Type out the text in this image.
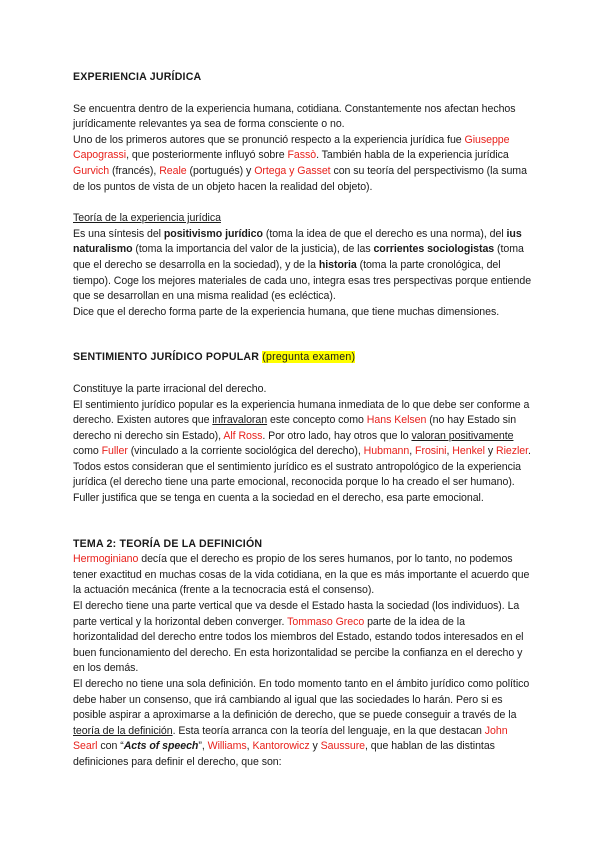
EXPERIENCIA JURÍDICA

Se encuentra dentro de la experiencia humana, cotidiana. Constantemente nos afectan hechos jurídicamente relevantes ya sea de forma consciente o no.

Uno de los primeros autores que se pronunció respecto a la experiencia jurídica fue Giuseppe Capograssi, que posteriormente influyó sobre Fassò. También habla de la experiencia jurídica Gurvich (francés), Reale (portugués) y Ortega y Gasset con su teoría del perspectivismo (la suma de los puntos de vista de un objeto hacen la realidad del objeto).

Teoría de la experiencia jurídica

Es una síntesis del positivismo jurídico (toma la idea de que el derecho es una norma), del ius naturalismo (toma la importancia del valor de la justicia), de las corrientes sociologistas (toma que el derecho se desarrolla en la sociedad), y de la historia (toma la parte cronológica, del tiempo). Coge los mejores materiales de cada uno, integra esas tres perspectivas porque entiende que se desarrollan en una misma realidad (es ecléctica).

Dice que el derecho forma parte de la experiencia humana, que tiene muchas dimensiones.

SENTIMIENTO JURÍDICO POPULAR (pregunta examen)

Constituye la parte irracional del derecho.

El sentimiento jurídico popular es la experiencia humana inmediata de lo que debe ser conforme a derecho. Existen autores que infravaloran este concepto como Hans Kelsen (no hay Estado sin derecho ni derecho sin Estado), Alf Ross. Por otro lado, hay otros que lo valoran positivamente como Fuller (vinculado a la corriente sociológica del derecho), Hubmann, Frosini, Henkel y Riezler. Todos estos consideran que el sentimiento jurídico es el sustrato antropológico de la experiencia jurídica (el derecho tiene una parte emocional, reconocida porque lo ha creado el ser humano).

Fuller justifica que se tenga en cuenta a la sociedad en el derecho, esa parte emocional.

TEMA 2: TEORÍA DE LA DEFINICIÓN

Hermoginiano decía que el derecho es propio de los seres humanos, por lo tanto, no podemos tener exactitud en muchas cosas de la vida cotidiana, en la que es más importante el acuerdo que la actuación mecánica (frente a la tecnocracia está el consenso).

El derecho tiene una parte vertical que va desde el Estado hasta la sociedad (los individuos). La parte vertical y la horizontal deben converger. Tommaso Greco parte de la idea de la horizontalidad del derecho entre todos los miembros del Estado, estando todos interesados en el buen funcionamiento del derecho. En esta horizontalidad se percibe la confianza en el derecho y en los demás.

El derecho no tiene una sola definición. En todo momento tanto en el ámbito jurídico como político debe haber un consenso, que irá cambiando al igual que las sociedades lo harán. Pero si es posible aspirar a aproximarse a la definición de derecho, que se puede conseguir a través de la teoría de la definición. Esta teoría arranca con la teoría del lenguaje, en la que destacan John Searl con “Acts of speech”, Williams, Kantorowicz y Saussure, que hablan de las distintas definiciones para definir el derecho, que son:
